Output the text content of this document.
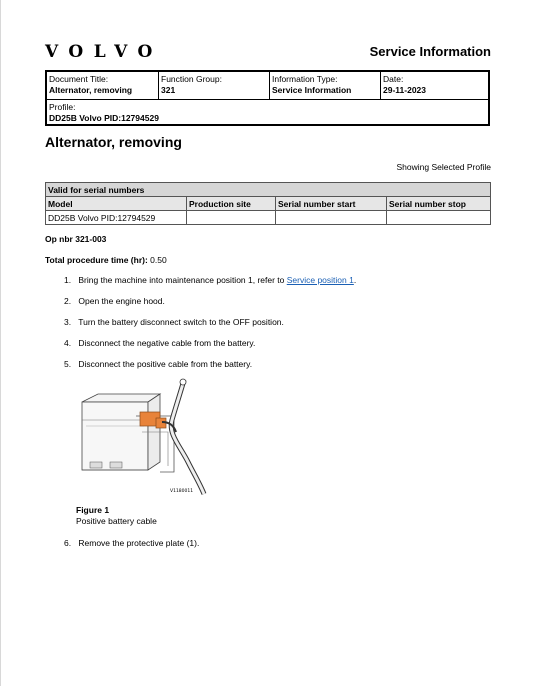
VOLVO	Service Information
Document Title:
Alternator, removing
Function Group:
321
Information Type:
Service Information
Date:
29-11-2023
Profile:
DD25B Volvo PID:12794529
Alternator, removing
Showing Selected Profile
Valid for serial numbers			
Model	Production site	Serial number start	Serial number stop
DD25B Volvo PID:12794529			
Op nbr 321-003
Total procedure time (hr): 0.50
1. Bring the machine into maintenance position 1, refer to Service position 1.
2. Open the engine hood.
3. Turn the battery disconnect switch to the OFF position.
4. Disconnect the negative cable from the battery.
5. Disconnect the positive cable from the battery.
V1180011
Figure 1
Positive battery cable
6. Remove the protective plate (1).
